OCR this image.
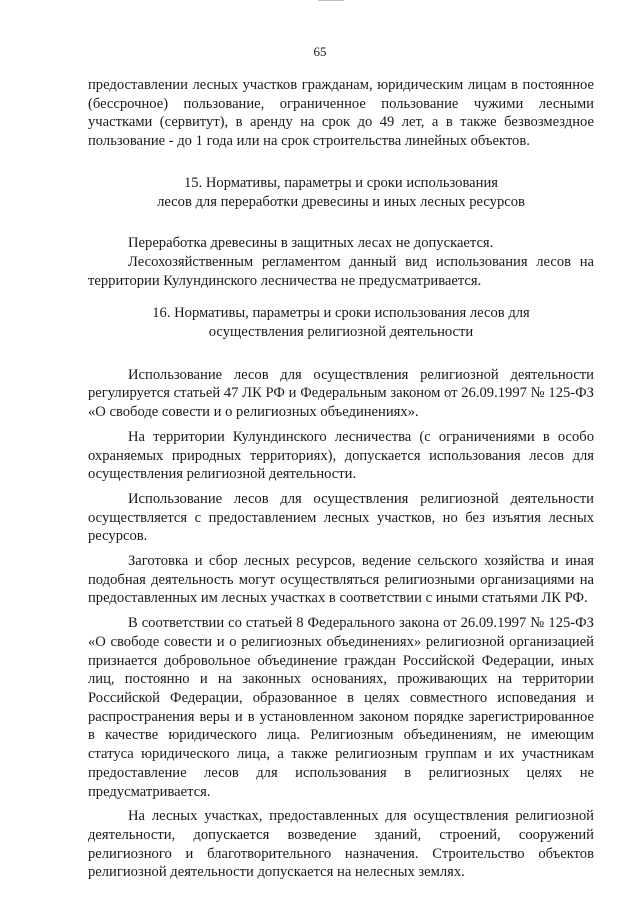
65

предоставлении лесных участков гражданам, юридическим лицам в постоянное (бессрочное) пользование, ограниченное пользование чужими лесными участками (сервитут), в аренду на срок до 49 лет, а в также безвозмездное пользование - до 1 года или на срок строительства линейных объектов.

15. Нормативы, параметры и сроки использования
лесов для переработки древесины и иных лесных ресурсов

Переработка древесины в защитных лесах не допускается.

Лесохозяйственным регламентом данный вид использования лесов на территории Кулундинского лесничества не предусматривается.

16. Нормативы, параметры и сроки использования лесов для
осуществления религиозной деятельности

Использование лесов для осуществления религиозной деятельности регулируется статьей 47 ЛК РФ и Федеральным законом от 26.09.1997 № 125-ФЗ «О свободе совести и о религиозных объединениях».

На территории Кулундинского лесничества (с ограничениями в особо охраняемых природных территориях), допускается использования лесов для осуществления религиозной деятельности.

Использование лесов для осуществления религиозной деятельности осуществляется с предоставлением лесных участков, но без изъятия лесных ресурсов.

Заготовка и сбор лесных ресурсов, ведение сельского хозяйства и иная подобная деятельность могут осуществляться религиозными организациями на предоставленных им лесных участках в соответствии с иными статьями ЛК РФ.

В соответствии со статьей 8 Федерального закона от 26.09.1997 № 125-ФЗ «О свободе совести и о религиозных объединениях» религиозной организацией признается добровольное объединение граждан Российской Федерации, иных лиц, постоянно и на законных основаниях, проживающих на территории Российской Федерации, образованное в целях совместного исповедания и распространения веры и в установленном законом порядке зарегистрированное в качестве юридического лица. Религиозным объединениям, не имеющим статуса юридического лица, а также религиозным группам и их участникам предоставление лесов для использования в религиозных целях не предусматривается.

На лесных участках, предоставленных для осуществления религиозной деятельности, допускается возведение зданий, строений, сооружений религиозного и благотворительного назначения. Строительство объектов религиозной деятельности допускается на нелесных землях.
